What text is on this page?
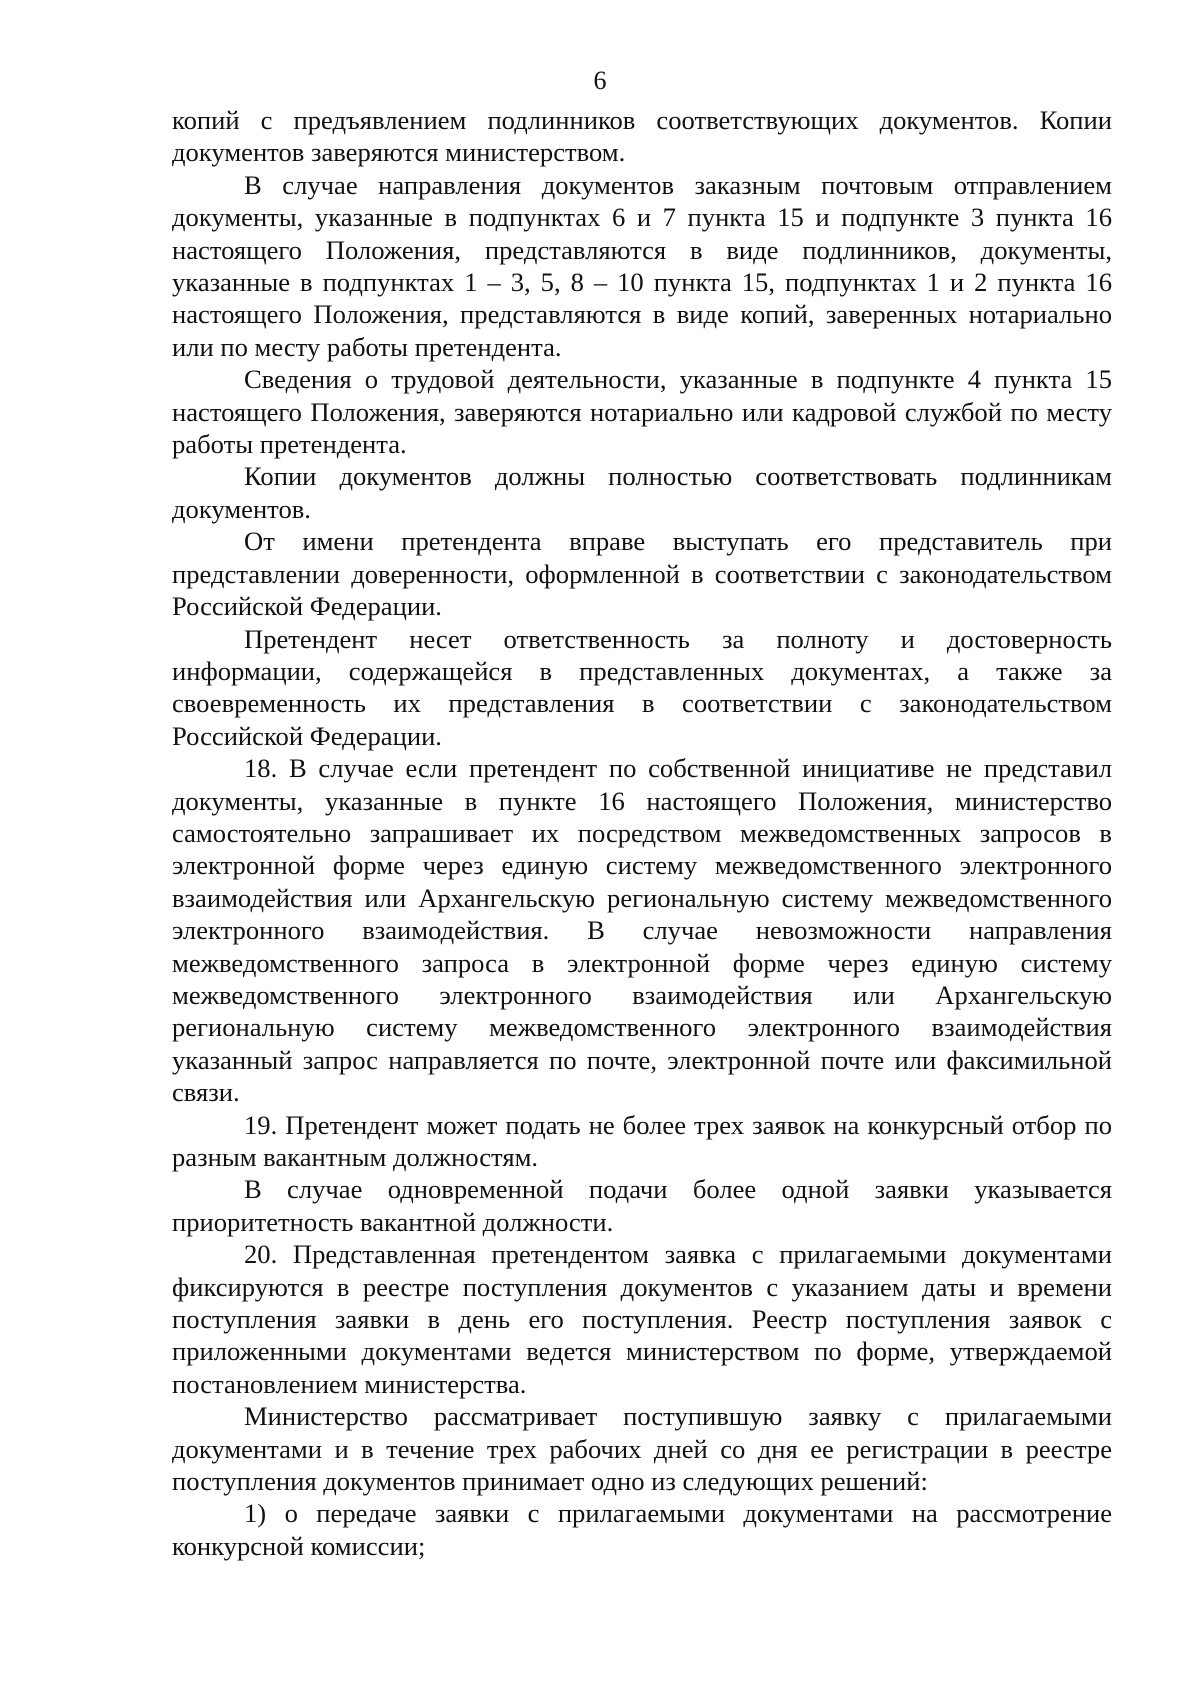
6

копий с предъявлением подлинников соответствующих документов. Копии документов заверяются министерством.

В случае направления документов заказным почтовым отправлением документы, указанные в подпунктах 6 и 7 пункта 15 и подпункте 3 пункта 16 настоящего Положения, представляются в виде подлинников, документы, указанные в подпунктах 1 – 3, 5, 8 – 10 пункта 15, подпунктах 1 и 2 пункта 16 настоящего Положения, представляются в виде копий, заверенных нотариально или по месту работы претендента.

Сведения о трудовой деятельности, указанные в подпункте 4 пункта 15 настоящего Положения, заверяются нотариально или кадровой службой по месту работы претендента.

Копии документов должны полностью соответствовать подлинникам документов.

От имени претендента вправе выступать его представитель при представлении доверенности, оформленной в соответствии с законодательством Российской Федерации.

Претендент несет ответственность за полноту и достоверность информации, содержащейся в представленных документах, а также за своевременность их представления в соответствии с законодательством Российской Федерации.

18. В случае если претендент по собственной инициативе не представил документы, указанные в пункте 16 настоящего Положения, министерство самостоятельно запрашивает их посредством межведомственных запросов в электронной форме через единую систему межведомственного электронного взаимодействия или Архангельскую региональную систему межведомственного электронного взаимодействия. В случае невозможности направления межведомственного запроса в электронной форме через единую систему межведомственного электронного взаимодействия или Архангельскую региональную систему межведомственного электронного взаимодействия указанный запрос направляется по почте, электронной почте или факсимильной связи.

19. Претендент может подать не более трех заявок на конкурсный отбор по разным вакантным должностям.

В случае одновременной подачи более одной заявки указывается приоритетность вакантной должности.

20. Представленная претендентом заявка с прилагаемыми документами фиксируются в реестре поступления документов с указанием даты и времени поступления заявки в день его поступления. Реестр поступления заявок с приложенными документами ведется министерством по форме, утверждаемой постановлением министерства.

Министерство рассматривает поступившую заявку с прилагаемыми документами и в течение трех рабочих дней со дня ее регистрации в реестре поступления документов принимает одно из следующих решений:

1) о передаче заявки с прилагаемыми документами на рассмотрение конкурсной комиссии;
